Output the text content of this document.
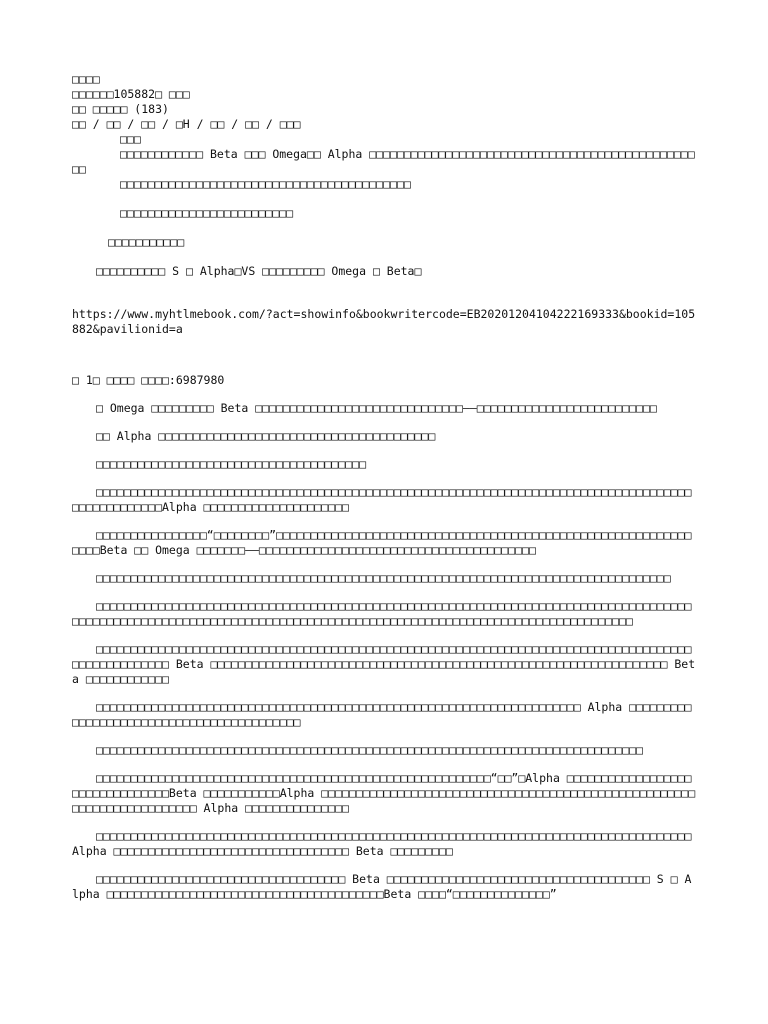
□□□□
□□□□□□105882□ □□□
□□ □□□□□ (183)
□□ / □□ / □□ / □H / □□ / □□ / □□□
□□□
□□□□□□□□□□□□ Beta □□□ Omega□□ Alpha □□□□□□□□□□□□□□□□□□□□□□□□□□□□□□□□□□□□□□□□□□□□□□□□□
□□□□□□□□□□□□□□□□□□□□□□□□□□□□□□□□□□□□□□□□□□
□□□□□□□□□□□□□□□□□□□□□□□□□
□□□□□□□□□□□
□□□□□□□□□□ S □ Alpha□VS □□□□□□□□□ Omega □ Beta□
https://www.myhtlmebook.com/?act=showinfo&bookwritercode=EB20201204104222169333&bookid=105882&pavilionid=a
□ 1□ □□□□ □□□□:6987980
□ Omega □□□□□□□□□ Beta □□□□□□□□□□□□□□□□□□□□□□□□□□□□□□——□□□□□□□□□□□□□□□□□□□□□□□□□□
□□ Alpha □□□□□□□□□□□□□□□□□□□□□□□□□□□□□□□□□□□□□□□□
□□□□□□□□□□□□□□□□□□□□□□□□□□□□□□□□□□□□□□□
□□□□□□□□□□□□□□□□□□□□□□□□□□□□□□□□□□□□□□□□□□□□□□□□□□□□□□□□□□□□□□□□□□□□□□□□□□□□□□□□□□□□□□□□□□□□□□□□□□□Alpha □□□□□□□□□□□□□□□□□□□□□
□□□□□□□□□□□□□□□□“□□□□□□□□”□□□□□□□□□□□□□□□□□□□□□□□□□□□□□□□□□□□□□□□□□□□□□□□□□□□□□□□□□□□□□□□□Beta □□ Omega □□□□□□□——□□□□□□□□□□□□□□□□□□□□□□□□□□□□□□□□□□□□□□□□
□□□□□□□□□□□□□□□□□□□□□□□□□□□□□□□□□□□□□□□□□□□□□□□□□□□□□□□□□□□□□□□□□□□□□□□□□□□□□□□□□□□
□□□□□□□□□□□□□□□□□□□□□□□□□□□□□□□□□□□□□□□□□□□□□□□□□□□□□□□□□□□□□□□□□□□□□□□□□□□□□□□□□□□□□□□□□□□□□□□□□□□□□□□□□□□□□□□□□□□□□□□□□□□□□□□□□□□□□□□□□□□□□□□□□□□□□□□□□□□□□□□□□□□□□□□
□□□□□□□□□□□□□□□□□□□□□□□□□□□□□□□□□□□□□□□□□□□□□□□□□□□□□□□□□□□□□□□□□□□□□□□□□□□□□□□□□□□□□□□□□□□□□□□□□□□□ Beta □□□□□□□□□□□□□□□□□□□□□□□□□□□□□□□□□□□□□□□□□□□□□□□□□□□□□□□□□□□□□□□□□□ Beta □□□□□□□□□□□□
□□□□□□□□□□□□□□□□□□□□□□□□□□□□□□□□□□□□□□□□□□□□□□□□□□□□□□□□□□□□□□□□□□□□□□ Alpha □□□□□□□□□□□□□□□□□□□□□□□□□□□□□□□□□□□□□□□□□□
□□□□□□□□□□□□□□□□□□□□□□□□□□□□□□□□□□□□□□□□□□□□□□□□□□□□□□□□□□□□□□□□□□□□□□□□□□□□□□□
□□□□□□□□□□□□□□□□□□□□□□□□□□□□□□□□□□□□□□□□□□□□□□□□□□□□□□□□□“□□”□Alpha □□□□□□□□□□□□□□□□□□□□□□□□□□□□□□□□Beta □□□□□□□□□□□Alpha □□□□□□□□□□□□□□□□□□□□□□□□□□□□□□□□□□□□□□□□□□□□□□□□□□□□□□□□□□□□□□□□□□□□□□□□ Alpha □□□□□□□□□□□□□□□
□□□□□□□□□□□□□□□□□□□□□□□□□□□□□□□□□□□□□□□□□□□□□□□□□□□□□□□□□□□□□□□□□□□□□□□□□□□□□□□□□□□□□□ Alpha □□□□□□□□□□□□□□□□□□□□□□□□□□□□□□□□□□ Beta □□□□□□□□□
□□□□□□□□□□□□□□□□□□□□□□□□□□□□□□□□□□□□ Beta □□□□□□□□□□□□□□□□□□□□□□□□□□□□□□□□□□□□□□ S □ Alpha □□□□□□□□□□□□□□□□□□□□□□□□□□□□□□□□□□□□□□□□Beta □□□□“□□□□□□□□□□□□□□”
